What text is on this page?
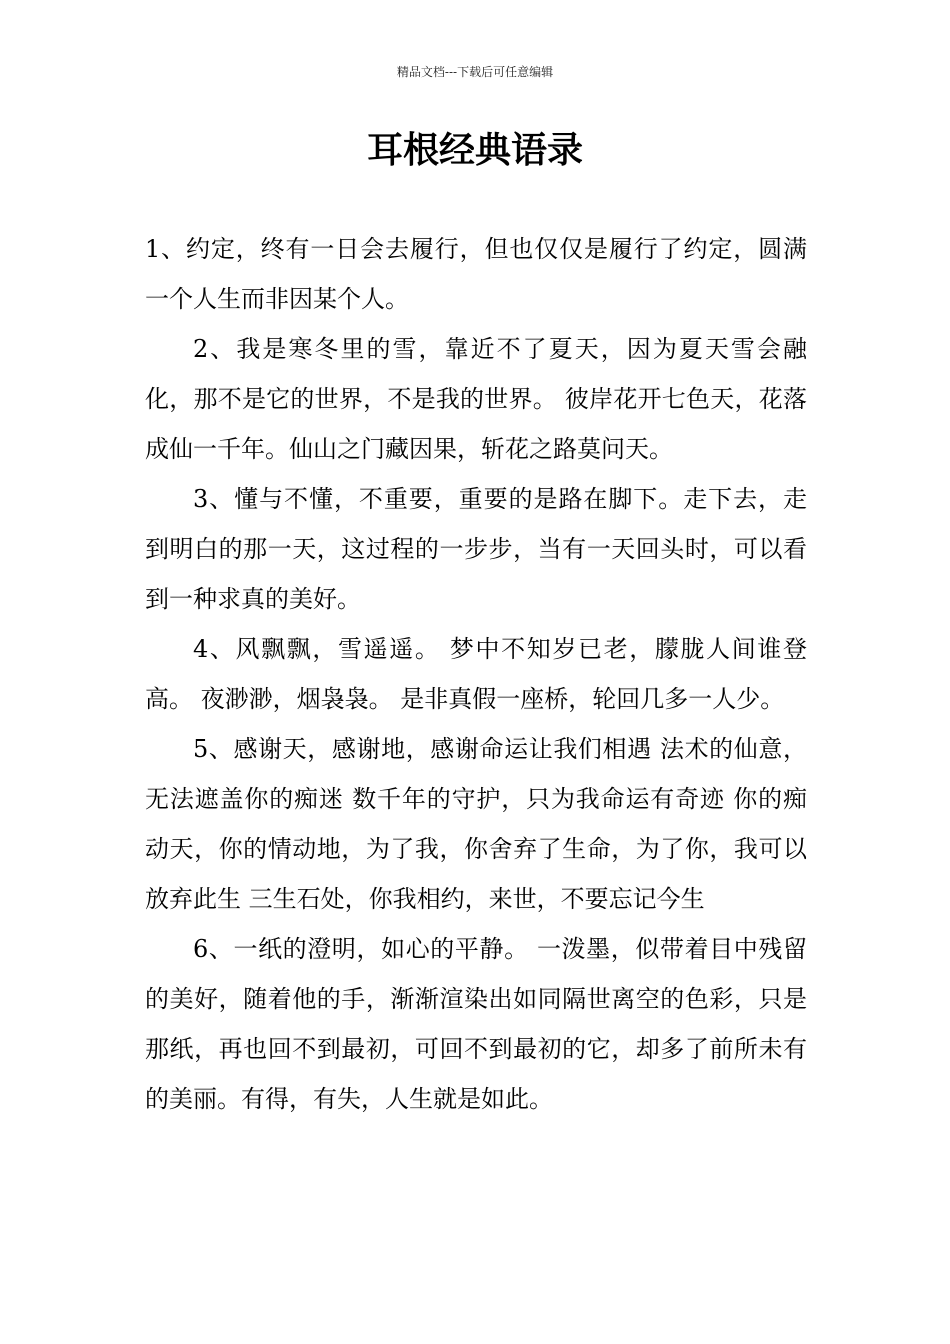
精品文档---下载后可任意编辑
耳根经典语录

1、约定，终有一日会去履行，但也仅仅是履行了约定，圆满一个人生而非因某个人。

2、我是寒冬里的雪，靠近不了夏天，因为夏天雪会融化，那不是它的世界，不是我的世界。 彼岸花开七色天，花落成仙一千年。仙山之门藏因果，斩花之路莫问天。

3、懂与不懂，不重要，重要的是路在脚下。走下去，走到明白的那一天，这过程的一步步，当有一天回头时，可以看到一种求真的美好。

4、风飘飘，雪遥遥。 梦中不知岁已老，朦胧人间谁登高。 夜渺渺，烟袅袅。 是非真假一座桥，轮回几多一人少。

5、感谢天，感谢地，感谢命运让我们相遇 法术的仙意，无法遮盖你的痴迷 数千年的守护，只为我命运有奇迹 你的痴动天，你的情动地，为了我，你舍弃了生命，为了你，我可以放弃此生 三生石处，你我相约，来世，不要忘记今生

6、一纸的澄明，如心的平静。 一泼墨，似带着目中残留的美好，随着他的手，渐渐渲染出如同隔世离空的色彩，只是那纸，再也回不到最初，可回不到最初的它，却多了前所未有的美丽。有得，有失，人生就是如此。
